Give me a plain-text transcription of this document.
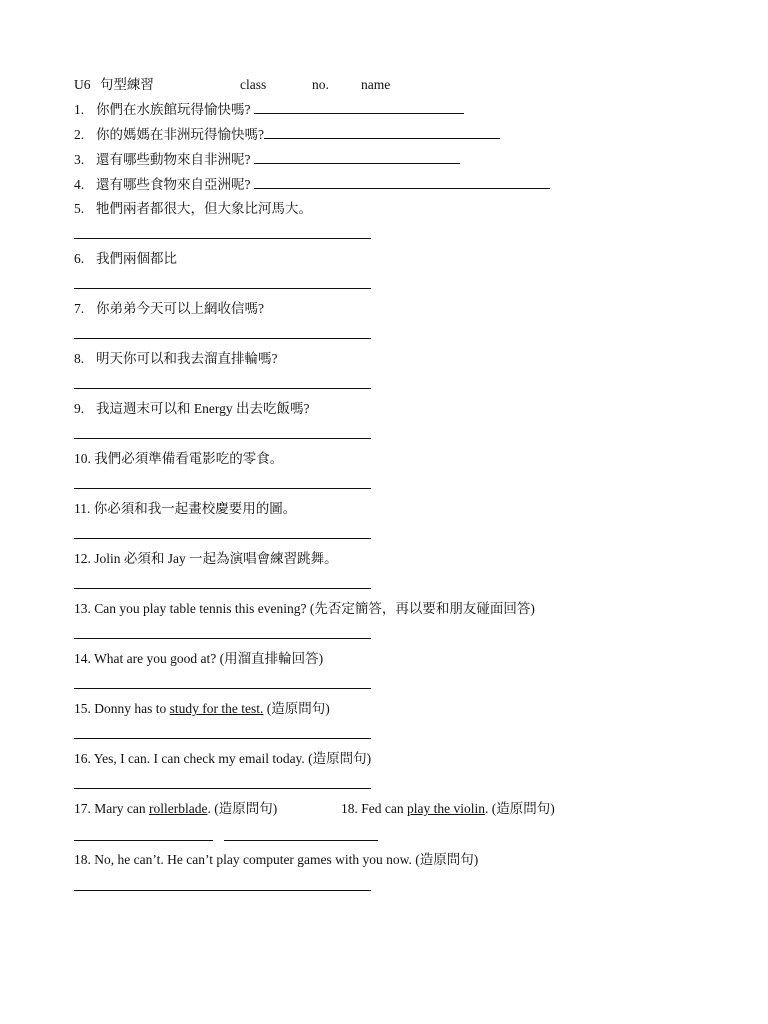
U6 句型練習	class	no. name
1. 你們在水族館玩得愉快嗎?
2. 你的媽媽在非洲玩得愉快嗎?
3. 還有哪些動物來自非洲呢?
4. 還有哪些食物來自亞洲呢?
5. 牠們兩者都很大，但大象比河馬大。
6. 我們兩個都比
7. 你弟弟今天可以上網收信嗎?
8. 明天你可以和我去溜直排輪嗎?
9. 我這週末可以和 Energy 出去吃飯嗎?
10. 我們必須準備看電影吃的零食。
11. 你必須和我一起畫校慶要用的圖。
12. Jolin 必須和 Jay 一起為演唱會練習跳舞。
13. Can you play table tennis this evening? (先否定簡答，再以要和朋友碰面回答)
14. What are you good at? (用溜直排輪回答)
15. Donny has to study for the test. (造原問句)
16. Yes, I can. I can check my email today. (造原問句)
17. Mary can rollerblade. (造原問句)	18. Fed can play the violin. (造原問句)
18. No, he can’t. He can’t play computer games with you now. (造原問句)
